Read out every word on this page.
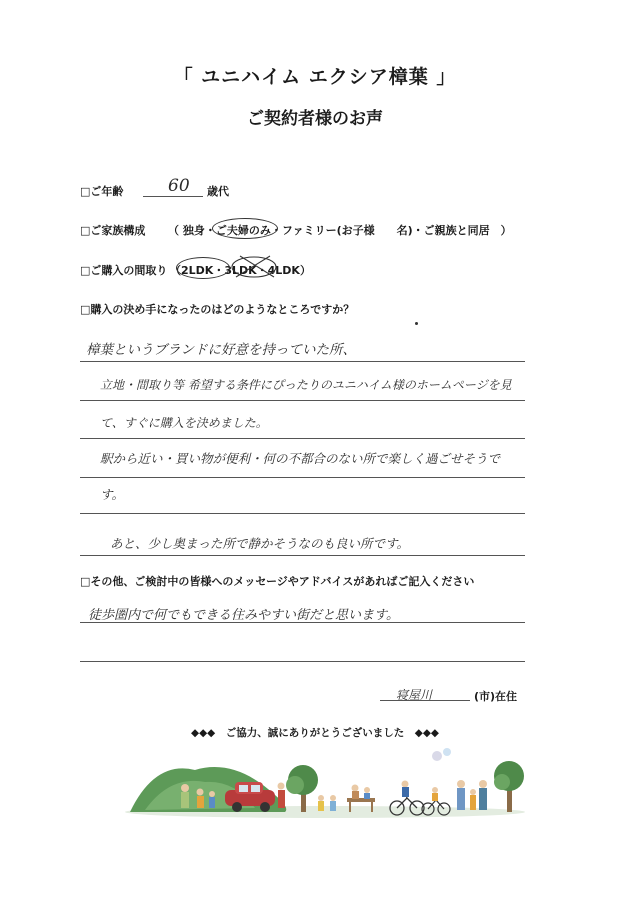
「 ユニハイム エクシア樟葉 」
ご契約者様のお声
□ご年齢	60 歳代
□ご家族構成 （ 独身・ご夫婦のみ・ファミリー(お子様　　名)・ご親族と同居　）
□ご購入の間取り （2LDK・3LDK・4LDK）
□購入の決め手になったのはどのようなところですか？
樟葉というブランドに好意を持っていた所、
立地・間取り等 希望する条件にぴったりのユニハイム様のホームページを見て、すぐに購入を決めました。
駅から近い・買い物が便利・何の不都合のない所で楽しく過ごせそうです。
あと、少し奥まった所で静かそうなのも良い所です。
□その他、ご検討中の皆様へのメッセージやアドバイスがあればご記入ください
徒歩圏内で何でもできる住みやすい街だと思います。
寝屋川	(市)在住
◆◆◆　ご協力、誠にありがとうございました　◆◆◆
